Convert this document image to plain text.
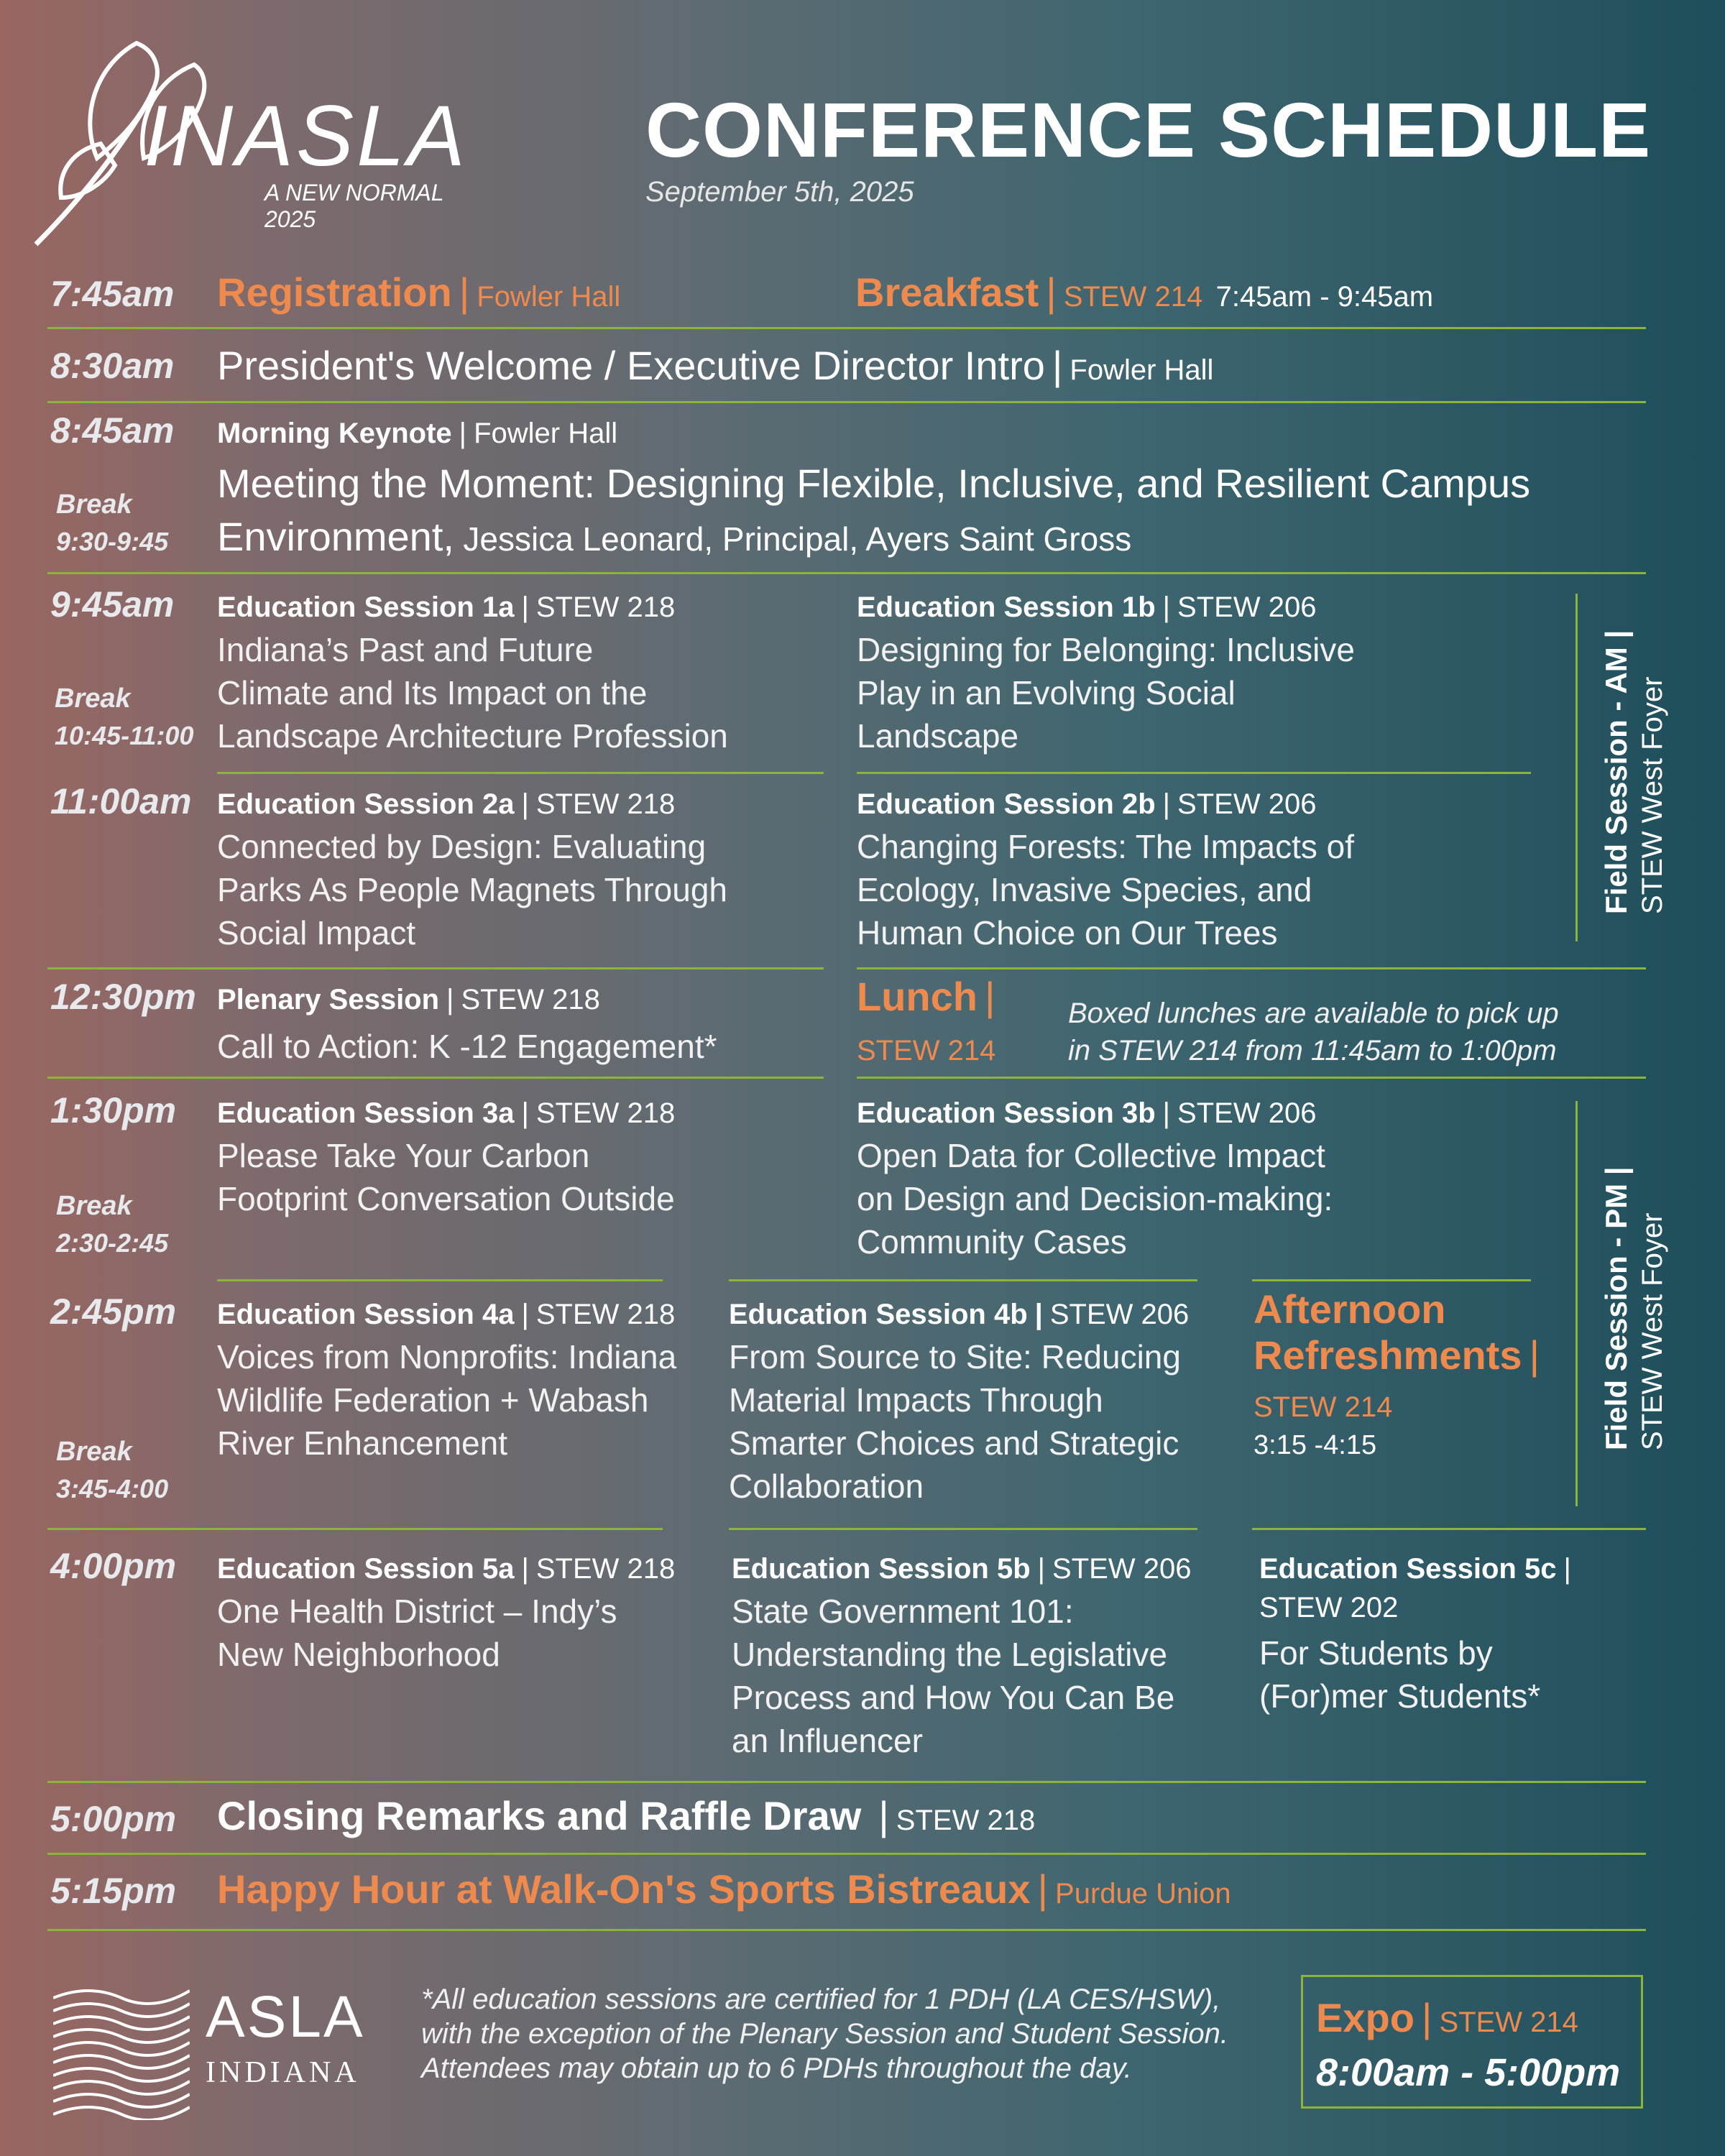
INASLA
A NEW NORMAL 2025
CONFERENCE SCHEDULE
September 5th, 2025
7:45am Registration | Fowler Hall	Breakfast | STEW 214 7:45am - 9:45am
8:30am President's Welcome / Executive Director Intro | Fowler Hall
8:45am Morning Keynote | Fowler Hall
Meeting the Moment: Designing Flexible, Inclusive, and Resilient Campus
Environment, Jessica Leonard, Principal, Ayers Saint Gross
Break
9:30-9:45
9:45am
Break
10:45-11:00
Education Session 1a | STEW 218
Indiana’s Past and Future
Climate and Its Impact on the
Landscape Architecture Profession
Education Session 1b | STEW 206
Designing for Belonging: Inclusive
Play in an Evolving Social
Landscape
11:00am Education Session 2a | STEW 218
Connected by Design: Evaluating
Parks As People Magnets Through
Social Impact
Education Session 2b | STEW 206
Changing Forests: The Impacts of
Ecology, Invasive Species, and
Human Choice on Our Trees
Field Session - AM | STEW West Foyer
12:30pm Plenary Session | STEW 218
Call to Action: K -12 Engagement*
Lunch |
STEW 214
Boxed lunches are available to pick up
in STEW 214 from 11:45am to 1:00pm
1:30pm
Break
2:30-2:45
Education Session 3a | STEW 218
Please Take Your Carbon
Footprint Conversation Outside
Education Session 3b | STEW 206
Open Data for Collective Impact
on Design and Decision-making:
Community Cases
2:45pm
Break
3:45-4:00
Education Session 4a | STEW 218
Voices from Nonprofits: Indiana
Wildlife Federation + Wabash
River Enhancement
Education Session 4b | STEW 206
From Source to Site: Reducing
Material Impacts Through
Smarter Choices and Strategic
Collaboration
Afternoon
Refreshments |
STEW 214
3:15 -4:15	Field Session - PM | STEW West Foyer
4:00pm Education Session 5a | STEW 218
One Health District – Indy’s
New Neighborhood
Education Session 5b | STEW 206
State Government 101:
Understanding the Legislative
Process and How You Can Be
an Influencer
Education Session 5c |
STEW 202
For Students by
(For)mer Students*
5:00pm Closing Remarks and Raffle Draw | STEW 218
5:15pm Happy Hour at Walk-On's Sports Bistreaux | Purdue Union
ASLA
INDIANA
*All education sessions are certified for 1 PDH (LA CES/HSW),
with the exception of the Plenary Session and Student Session.
Attendees may obtain up to 6 PDHs throughout the day.
Expo | STEW 214
8:00am - 5:00pm
